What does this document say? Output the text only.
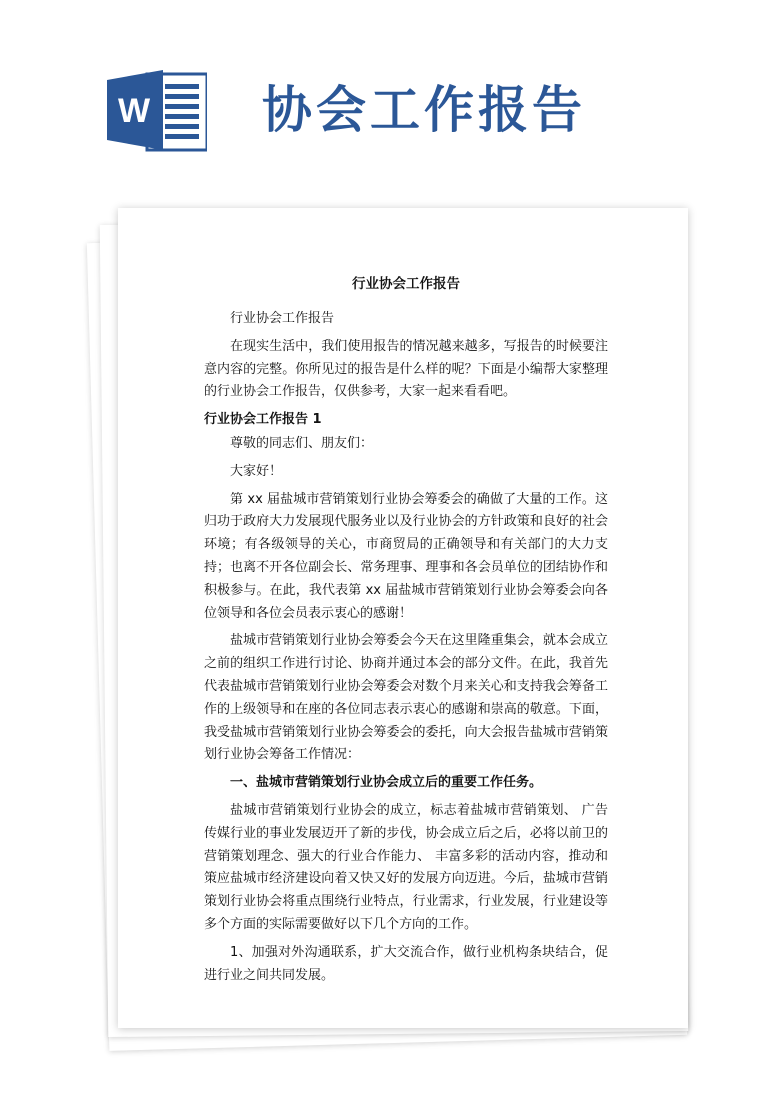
W 协会工作报告
行业协会工作报告

行业协会工作报告

在现实生活中，我们使用报告的情况越来越多，写报告的时候要注意内容的完整。你所见过的报告是什么样的呢？下面是小编帮大家整理的行业协会工作报告，仅供参考，大家一起来看看吧。

行业协会工作报告 1

尊敬的同志们、朋友们：

大家好！

第 xx 届盐城市营销策划行业协会筹委会的确做了大量的工作。这归功于政府大力发展现代服务业以及行业协会的方针政策和良好的社会环境；有各级领导的关心，市商贸局的正确领导和有关部门的大力支持；也离不开各位副会长、常务理事、理事和各会员单位的团结协作和积极参与。在此，我代表第 xx 届盐城市营销策划行业协会筹委会向各位领导和各位会员表示衷心的感谢！

盐城市营销策划行业协会筹委会今天在这里隆重集会，就本会成立之前的组织工作进行讨论、协商并通过本会的部分文件。在此，我首先代表盐城市营销策划行业协会筹委会对数个月来关心和支持我会筹备工作的上级领导和在座的各位同志表示衷心的感谢和崇高的敬意。下面，我受盐城市营销策划行业协会筹委会的委托，向大会报告盐城市营销策划行业协会筹备工作情况：

一、盐城市营销策划行业协会成立后的重要工作任务。

盐城市营销策划行业协会的成立，标志着盐城市营销策划、 广告传媒行业的事业发展迈开了新的步伐，协会成立后之后，必将以前卫的营销策划理念、强大的行业合作能力、 丰富多彩的活动内容，推动和策应盐城市经济建设向着又快又好的发展方向迈进。今后，盐城市营销策划行业协会将重点围绕行业特点，行业需求，行业发展，行业建设等多个方面的实际需要做好以下几个方向的工作。

1、加强对外沟通联系，扩大交流合作，做行业机构条块结合，促进行业之间共同发展。
